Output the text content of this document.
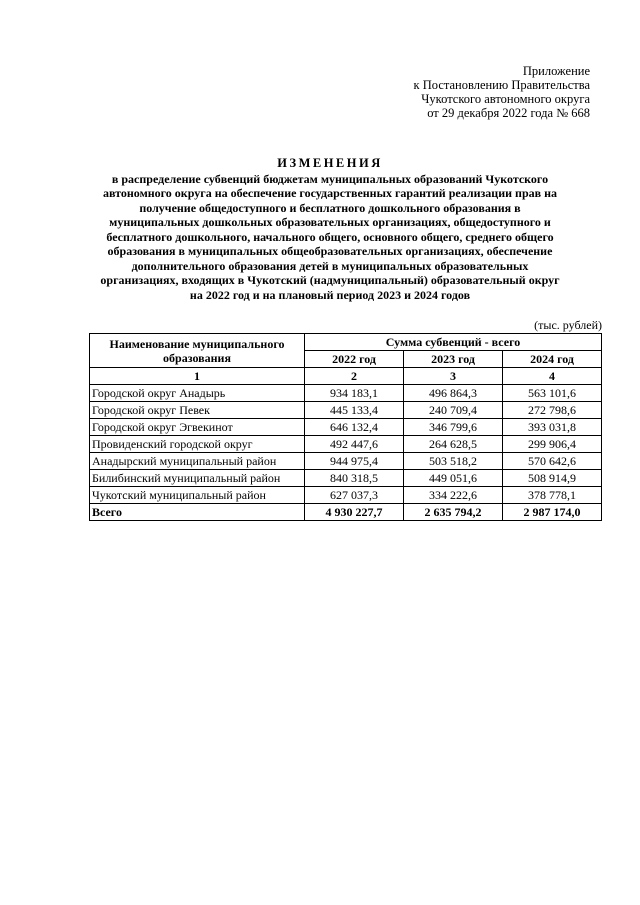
Приложение
к Постановлению Правительства
Чукотского автономного округа
от 29 декабря 2022 года № 668
ИЗМЕНЕНИЯ
в распределение субвенций бюджетам муниципальных образований Чукотского
автономного округа на обеспечение государственных гарантий реализации прав на
получение общедоступного и бесплатного дошкольного образования в
муниципальных дошкольных образовательных организациях, общедоступного и
бесплатного дошкольного, начального общего, основного общего, среднего общего
образования в муниципальных общеобразовательных организациях, обеспечение
дополнительного образования детей в муниципальных образовательных
организациях, входящих в Чукотский (надмуниципальный) образовательный округ
на 2022 год и на плановый период 2023 и 2024 годов
(тыс. рублей)
Наименование муниципального
образования	Сумма субвенций - всего		
	2022 год	2023 год	2024 год
1	2	3	4
Городской округ Анадырь	934 183,1	496 864,3	563 101,6
Городской округ Певек	445 133,4	240 709,4	272 798,6
Городской округ Эгвекинот	646 132,4	346 799,6	393 031,8
Провиденский городской округ	492 447,6	264 628,5	299 906,4
Анадырский муниципальный район	944 975,4	503 518,2	570 642,6
Билибинский муниципальный район	840 318,5	449 051,6	508 914,9
Чукотский муниципальный район	627 037,3	334 222,6	378 778,1
Всего	4 930 227,7	2 635 794,2	2 987 174,0
